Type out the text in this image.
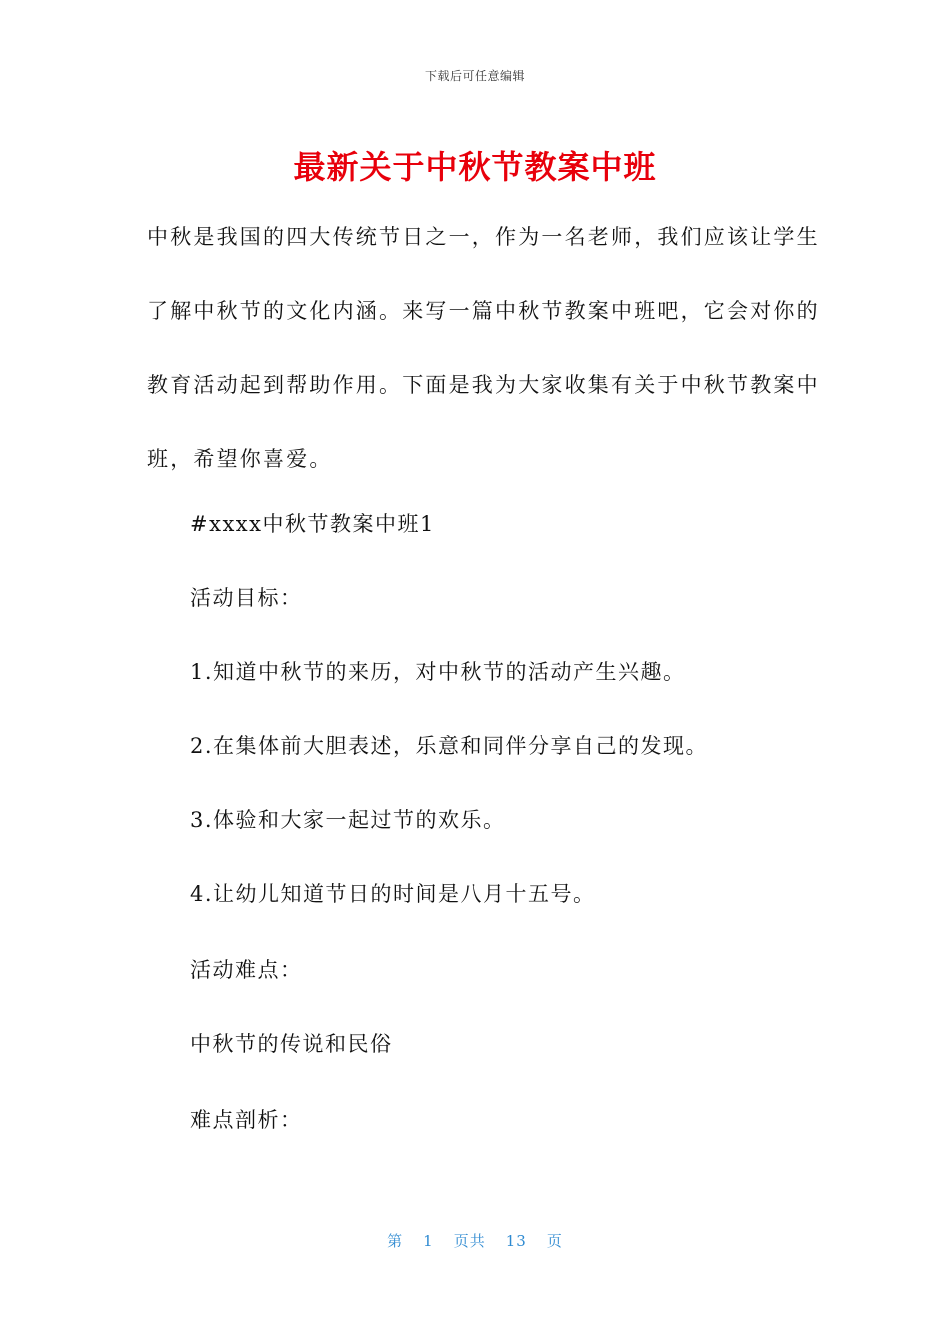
下载后可任意编辑
最新关于中秋节教案中班
中秋是我国的四大传统节日之一，作为一名老师，我们应该让学生
了解中秋节的文化内涵。来写一篇中秋节教案中班吧，它会对你的
教育活动起到帮助作用。下面是我为大家收集有关于中秋节教案中
班，希望你喜爱。

#xxxx中秋节教案中班1

活动目标：

1.知道中秋节的来历，对中秋节的活动产生兴趣。

2.在集体前大胆表述，乐意和同伴分享自己的发现。

3.体验和大家一起过节的欢乐。

4.让幼儿知道节日的时间是八月十五号。

活动难点：

中秋节的传说和民俗

难点剖析：

第 1 页共 13 页
